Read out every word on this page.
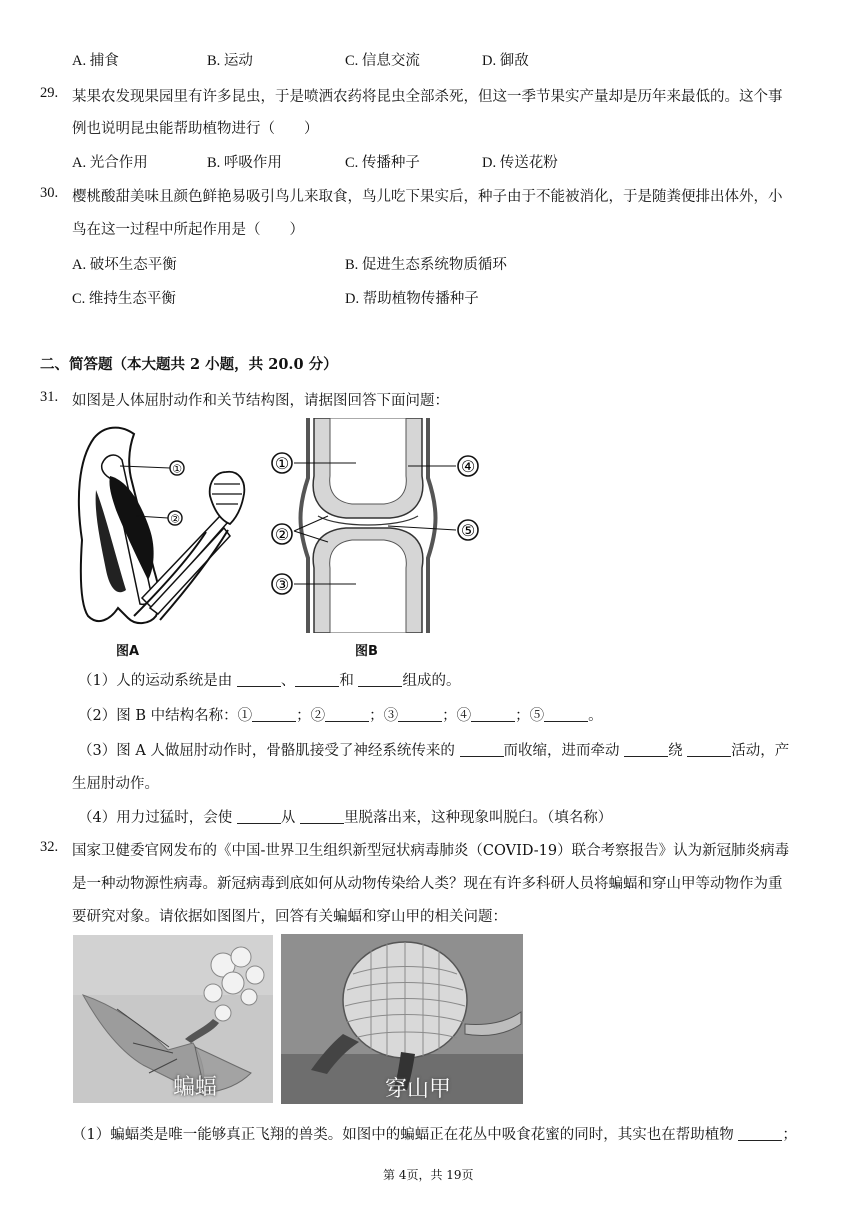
A. 捕食	B. 运动	C. 信息交流	D. 御敌
29. 某果农发现果园里有许多昆虫，于是喷洒农药将昆虫全部杀死，但这一季节果实产量却是历年来最低的。这个事
例也说明昆虫能帮助植物进行（　　）
A. 光合作用	B. 呼吸作用	C. 传播种子	D. 传送花粉
30. 樱桃酸甜美味且颜色鲜艳易吸引鸟儿来取食，鸟儿吃下果实后，种子由于不能被消化，于是随粪便排出体外，小
鸟在这一过程中所起作用是（　　）
A. 破坏生态平衡	B. 促进生态系统物质循环
C. 维持生态平衡	D. 帮助植物传播种子
二、简答题（本大题共 2 小题，共 20.0 分）
31. 如图是人体屈肘动作和关节结构图，请据图回答下面问题：
①
②
图A
①
②
③
④
⑤
图B
（1）人的运动系统是由	、	和	组成的。
（2）图 B 中结构名称：①	；②	；③	；④	；⑤	。
（3）图 A 人做屈肘动作时，骨骼肌接受了神经系统传来的	而收缩，进而牵动	绕	活动，产
生屈肘动作。
（4）用力过猛时，会使	从	里脱落出来，这种现象叫脱臼。（填名称）
32. 国家卫健委官网发布的《中国-世界卫生组织新型冠状病毒肺炎（COVID-19）联合考察报告》认为新冠肺炎病毒
是一种动物源性病毒。新冠病毒到底如何从动物传染给人类？现在有许多科研人员将蝙蝠和穿山甲等动物作为重
要研究对象。请依据如图图片，回答有关蝙蝠和穿山甲的相关问题：
蝙蝠	穿山甲
（1）蝙蝠类是唯一能够真正飞翔的兽类。如图中的蝙蝠正在花丛中吸食花蜜的同时，其实也在帮助植物	；
第 4页，共 19页
